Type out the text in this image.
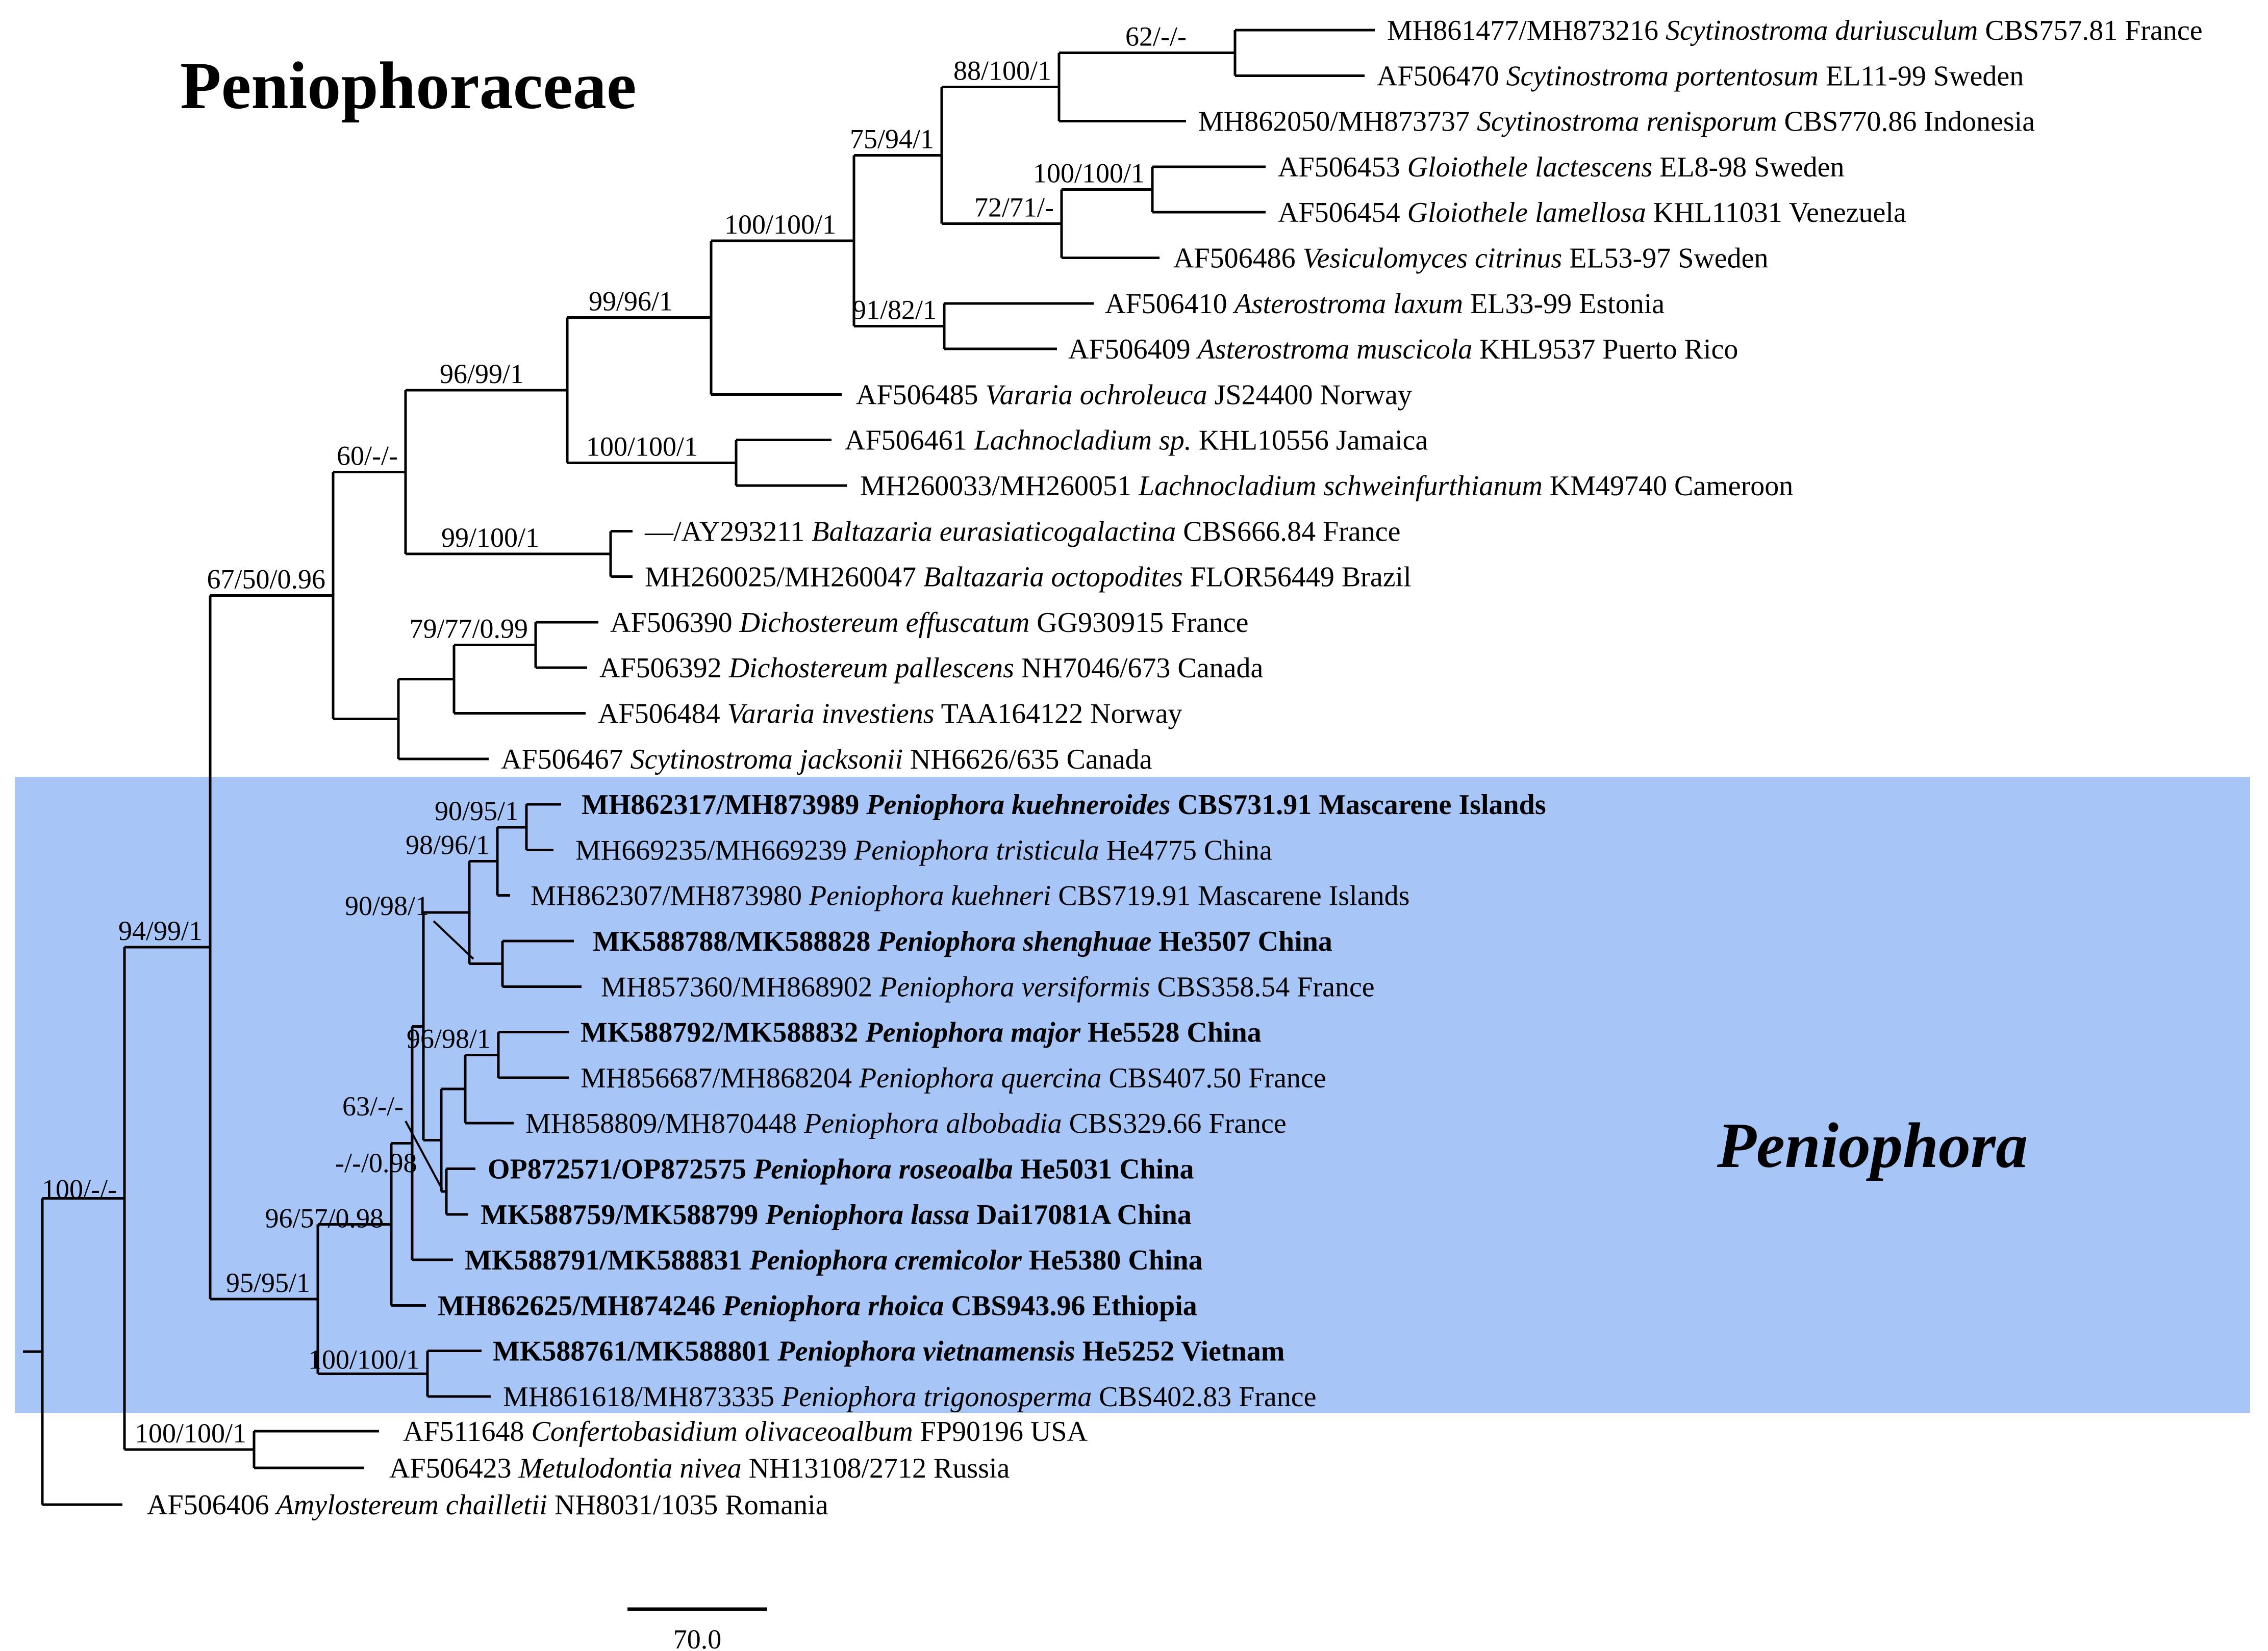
Peniophoraceae
Peniophora
MH861477/MH873216 Scytinostroma duriusculum CBS757.81 France
AF506470 Scytinostroma portentosum EL11-99 Sweden
MH862050/MH873737 Scytinostroma renisporum CBS770.86 Indonesia
AF506453 Gloiothele lactescens EL8-98 Sweden
AF506454 Gloiothele lamellosa KHL11031 Venezuela
AF506486 Vesiculomyces citrinus EL53-97 Sweden
AF506410 Asterostroma laxum EL33-99 Estonia
AF506409 Asterostroma muscicola KHL9537 Puerto Rico
AF506485 Vararia ochroleuca JS24400 Norway
AF506461 Lachnocladium sp. KHL10556 Jamaica
MH260033/MH260051 Lachnocladium schweinfurthianum KM49740 Cameroon
—/AY293211 Baltazaria eurasiaticogalactina CBS666.84 France
MH260025/MH260047 Baltazaria octopodites FLOR56449 Brazil
AF506390 Dichostereum effuscatum GG930915 France
AF506392 Dichostereum pallescens NH7046/673 Canada
AF506484 Vararia investiens TAA164122 Norway
AF506467 Scytinostroma jacksonii NH6626/635 Canada
MH862317/MH873989 Peniophora kuehneroides CBS731.91 Mascarene Islands
MH669235/MH669239 Peniophora tristicula He4775 China
MH862307/MH873980 Peniophora kuehneri CBS719.91 Mascarene Islands
MK588788/MK588828 Peniophora shenghuae He3507 China
MH857360/MH868902 Peniophora versiformis CBS358.54 France
MK588792/MK588832 Peniophora major He5528 China
MH856687/MH868204 Peniophora quercina CBS407.50 France
MH858809/MH870448 Peniophora albobadia CBS329.66 France
OP872571/OP872575 Peniophora roseoalba He5031 China
MK588759/MK588799 Peniophora lassa Dai17081A China
MK588791/MK588831 Peniophora cremicolor He5380 China
MH862625/MH874246 Peniophora rhoica CBS943.96 Ethiopia
MK588761/MK588801 Peniophora vietnamensis He5252 Vietnam
MH861618/MH873335 Peniophora trigonosperma CBS402.83 France
AF511648 Confertobasidium olivaceoalbum FP90196 USA
AF506423 Metulodontia nivea NH13108/2712 Russia
AF506406 Amylostereum chailletii NH8031/1035 Romania
62/-/-
88/100/1
100/100/1
72/71/-
75/94/1
91/82/1
100/100/1
99/96/1
100/100/1
96/99/1
99/100/1
60/-/-
79/77/0.99
67/50/0.96
90/95/1
98/96/1
90/98/1
96/98/1
63/-/-
-/-/0.98
96/57/0.98
100/100/1
95/95/1
94/99/1
100/100/1
100/-/-
70.0
